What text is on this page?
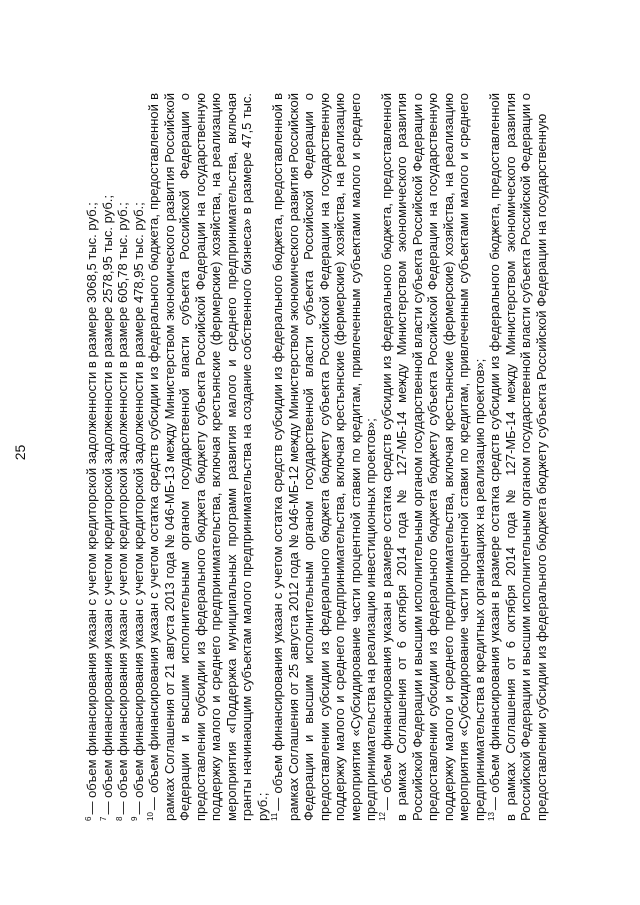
25

$^6$— объем финансирования указан с учетом кредиторской задолженности в размере 3068,5 тыс. руб.;

$^7$— объем финансирования указан с учетом кредиторской задолженности в размере 2578,95 тыс. руб.;

$^8$— объем финансирования указан с учетом кредиторской задолженности в размере 605,78 тыс. руб.;

$^9$— объем финансирования указан с учетом кредиторской задолженности в размере 478,95 тыс. руб.;

$^{10}$— объем финансирования указан с учетом остатка средств субсидии из федерального бюджета, предоставленной в рамках Соглашения от 21 августа 2013 года № 046-МБ-13 между Министерством экономического развития Российской Федерации и высшим исполнительным органом государственной власти субъекта Российской Федерации о предоставлении субсидии из федерального бюджета бюджету субъекта Российской Федерации на государственную поддержку малого и среднего предпринимательства, включая крестьянские (фермерские) хозяйства, на реализацию мероприятия «Поддержка муниципальных программ развития малого и среднего предпринимательства, включая гранты начинающим субъектам малого предпринимательства на создание собственного бизнеса» в размере 47,5 тыс. руб.; $^{11}$— объем финансирования указан с учетом остатка средств субсидии из федерального бюджета, предоставленной в рамках Соглашения от 25 августа 2012 года № 046-МБ-12 между Министерством экономического развития Российской Федерации и высшим исполнительным органом государственной власти субъекта Российской Федерации о предоставлении субсидии из федерального бюджета бюджету субъекта Российской Федерации на государственную поддержку малого и среднего предпринимательства, включая крестьянские (фермерские) хозяйства, на реализацию мероприятия «Субсидирование части процентной ставки по кредитам, привлеченным субъектами малого и среднего предпринимательства на реализацию инвестиционных проектов»; $^{12}$— объем финансирования указан в размере остатка средств субсидии из федерального бюджета, предоставленной в рамках Соглашения от 6 октября 2014 года № 127-МБ-14 между Министерством экономического развития Российской Федерации и высшим исполнительным органом государственной власти субъекта Российской Федерации о предоставлении субсидии из федерального бюджета бюджету субъекта Российской Федерации на государственную поддержку малого и среднего предпринимательства, включая крестьянские (фермерские) хозяйства, на реализацию мероприятия «Субсидирование части процентной ставки по кредитам, привлеченным субъектами малого и среднего предпринимательства в кредитных организациях на реализацию проектов»; $^{13}$— объем финансирования указан в размере остатка средств субсидии из федерального бюджета, предоставленной в рамках Соглашения от 6 октября 2014 года № 127-МБ-14 между Министерством экономического развития Российской Федерации и высшим исполнительным органом государственной власти субъекта Российской Федерации о предоставлении субсидии из федерального бюджета бюджету субъекта Российской Федерации на государственную
